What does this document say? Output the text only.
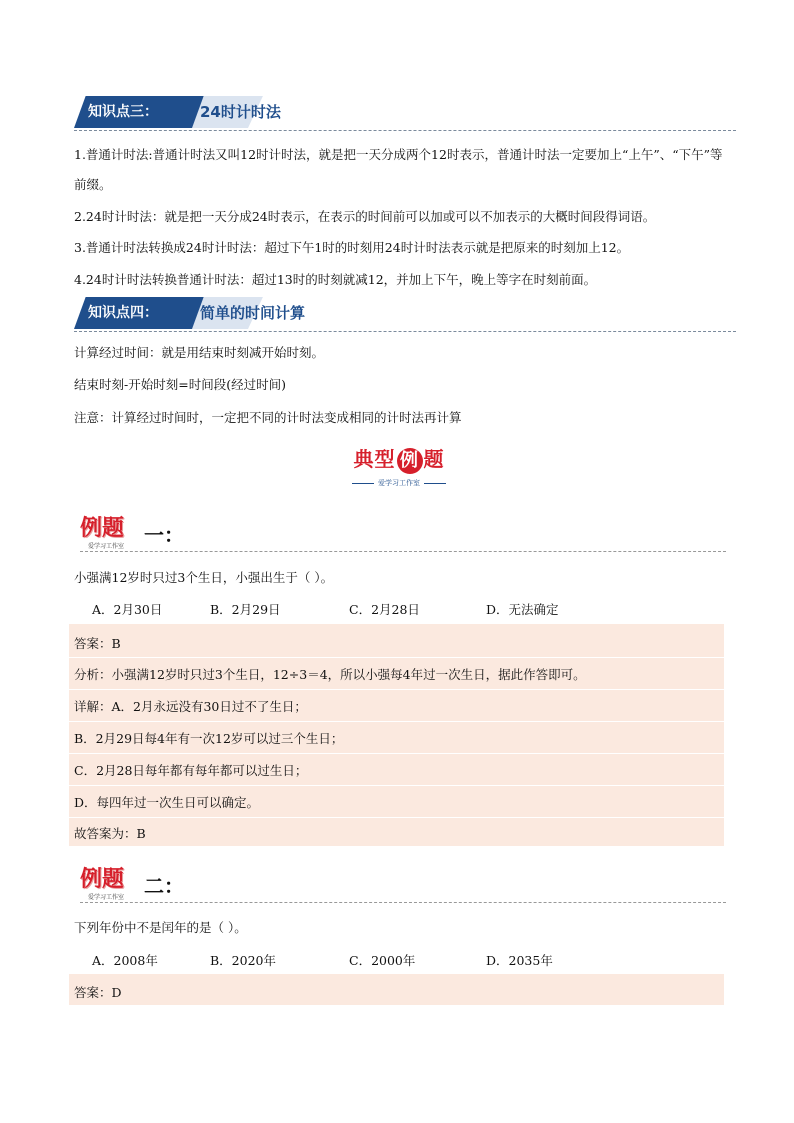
知识点三：	24时计时法
1.普通计时法:普通计时法又叫12时计时法，就是把一天分成两个12时表示，普通计时法一定要加上“上午”、“下午”等前缀。
2.24时计时法：就是把一天分成24时表示，在表示的时间前可以加或可以不加表示的大概时间段得词语。
3.普通计时法转换成24时计时法：超过下午1时的时刻用24时计时法表示就是把原来的时刻加上12。
4.24时计时法转换普通计时法：超过13时的时刻就减12，并加上下午，晚上等字在时刻前面。
知识点四：	简单的时间计算
计算经过时间：就是用结束时刻减开始时刻。
结束时刻-开始时刻=时间段(经过时间)
注意：计算经过时间时，一定把不同的计时法变成相同的计时法再计算
典型 例 题
爱学习工作室
例题
爱学习工作室 一：
小强满12岁时只过3个生日，小强出生于（ ）。
A．2月30日	B．2月29日	C．2月28日	D．无法确定
答案：B
分析：小强满12岁时只过3个生日，12÷3＝4，所以小强每4年过一次生日，据此作答即可。
详解：A．2月永远没有30日过不了生日；
B．2月29日每4年有一次12岁可以过三个生日；
C．2月28日每年都有每年都可以过生日；
D．每四年过一次生日可以确定。
故答案为：B
例题
爱学习工作室 二：
下列年份中不是闰年的是（ ）。
A．2008年	B．2020年	C．2000年	D．2035年
答案：D
